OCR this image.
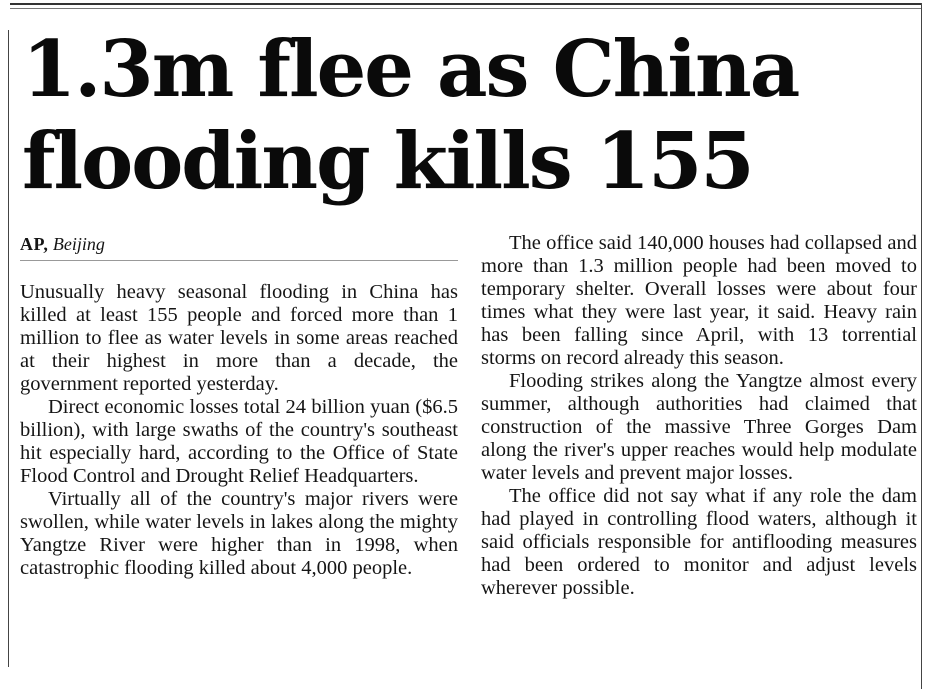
1.3m flee as China
flooding kills 155
AP, Beijing

Unusually heavy seasonal flooding in China has killed at least 155 people and forced more than 1 million to flee as water levels in some areas reached at their highest in more than a decade, the government reported yesterday.

Direct economic losses total 24 billion yuan ($6.5 billion), with large swaths of the country's southeast hit especially hard, according to the Office of State Flood Control and Drought Relief Headquarters.

Virtually all of the country's major rivers were swollen, while water levels in lakes along the mighty Yangtze River were higher than in 1998, when catastrophic flooding killed about 4,000 people.

The office said 140,000 houses had collapsed and more than 1.3 million people had been moved to temporary shelter. Overall losses were about four times what they were last year, it said. Heavy rain has been falling since April, with 13 torrential storms on record already this season.

Flooding strikes along the Yangtze almost every summer, although authorities had claimed that construction of the massive Three Gorges Dam along the river's upper reaches would help modulate water levels and prevent major losses.

The office did not say what if any role the dam had played in controlling flood waters, although it said officials responsible for antiflooding measures had been ordered to monitor and adjust levels wherever possible.
